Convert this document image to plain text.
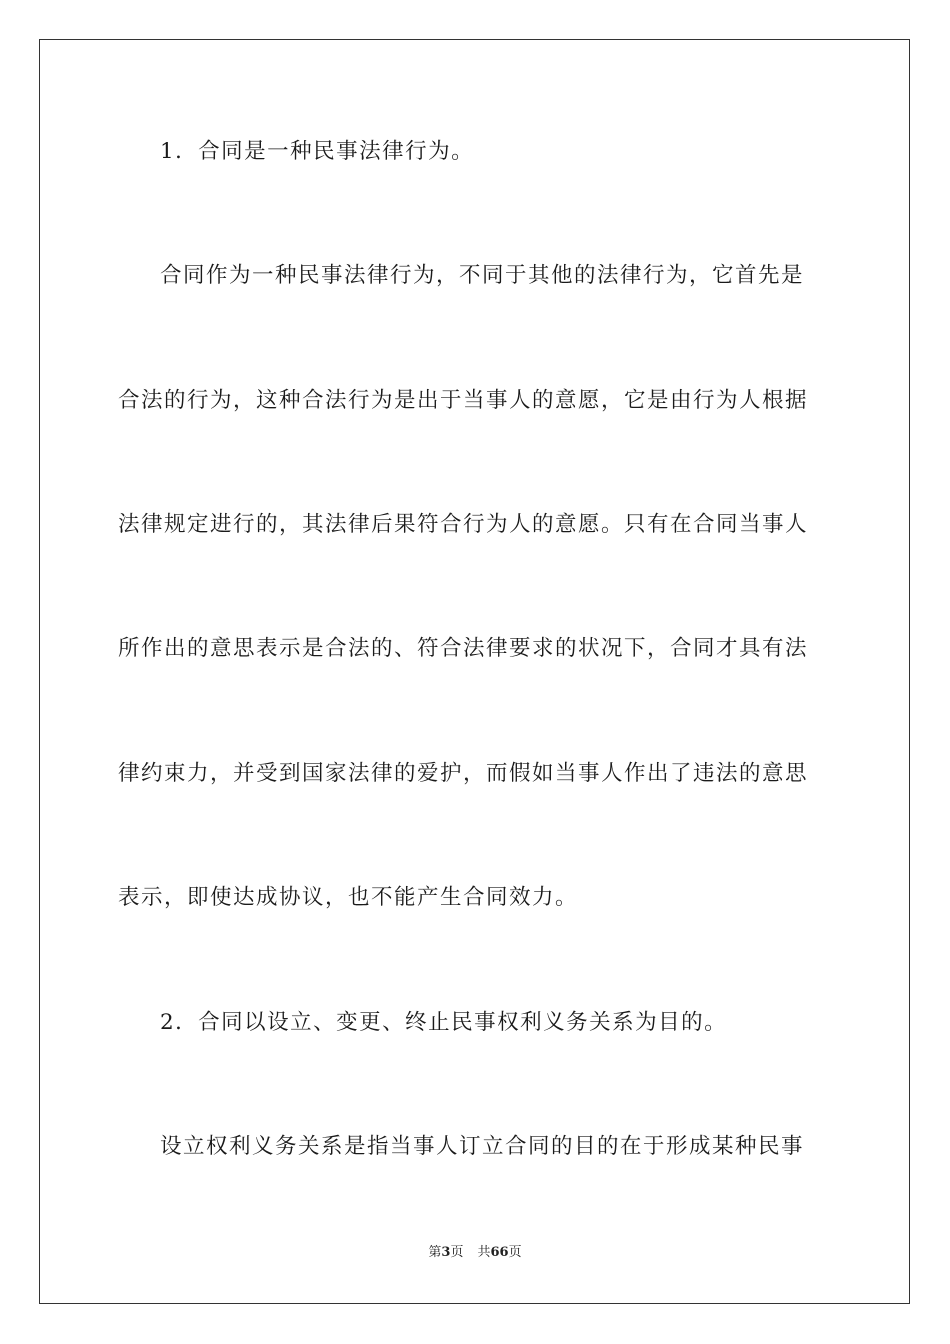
1．合同是一种民事法律行为。
合同作为一种民事法律行为，不同于其他的法律行为，它首先是
合法的行为，这种合法行为是出于当事人的意愿，它是由行为人根据
法律规定进行的，其法律后果符合行为人的意愿。只有在合同当事人
所作出的意思表示是合法的、符合法律要求的状况下，合同才具有法
律约束力，并受到国家法律的爱护，而假如当事人作出了违法的意思
表示，即使达成协议，也不能产生合同效力。
2．合同以设立、变更、终止民事权利义务关系为目的。
设立权利义务关系是指当事人订立合同的目的在于形成某种民事
第3页 共66页
